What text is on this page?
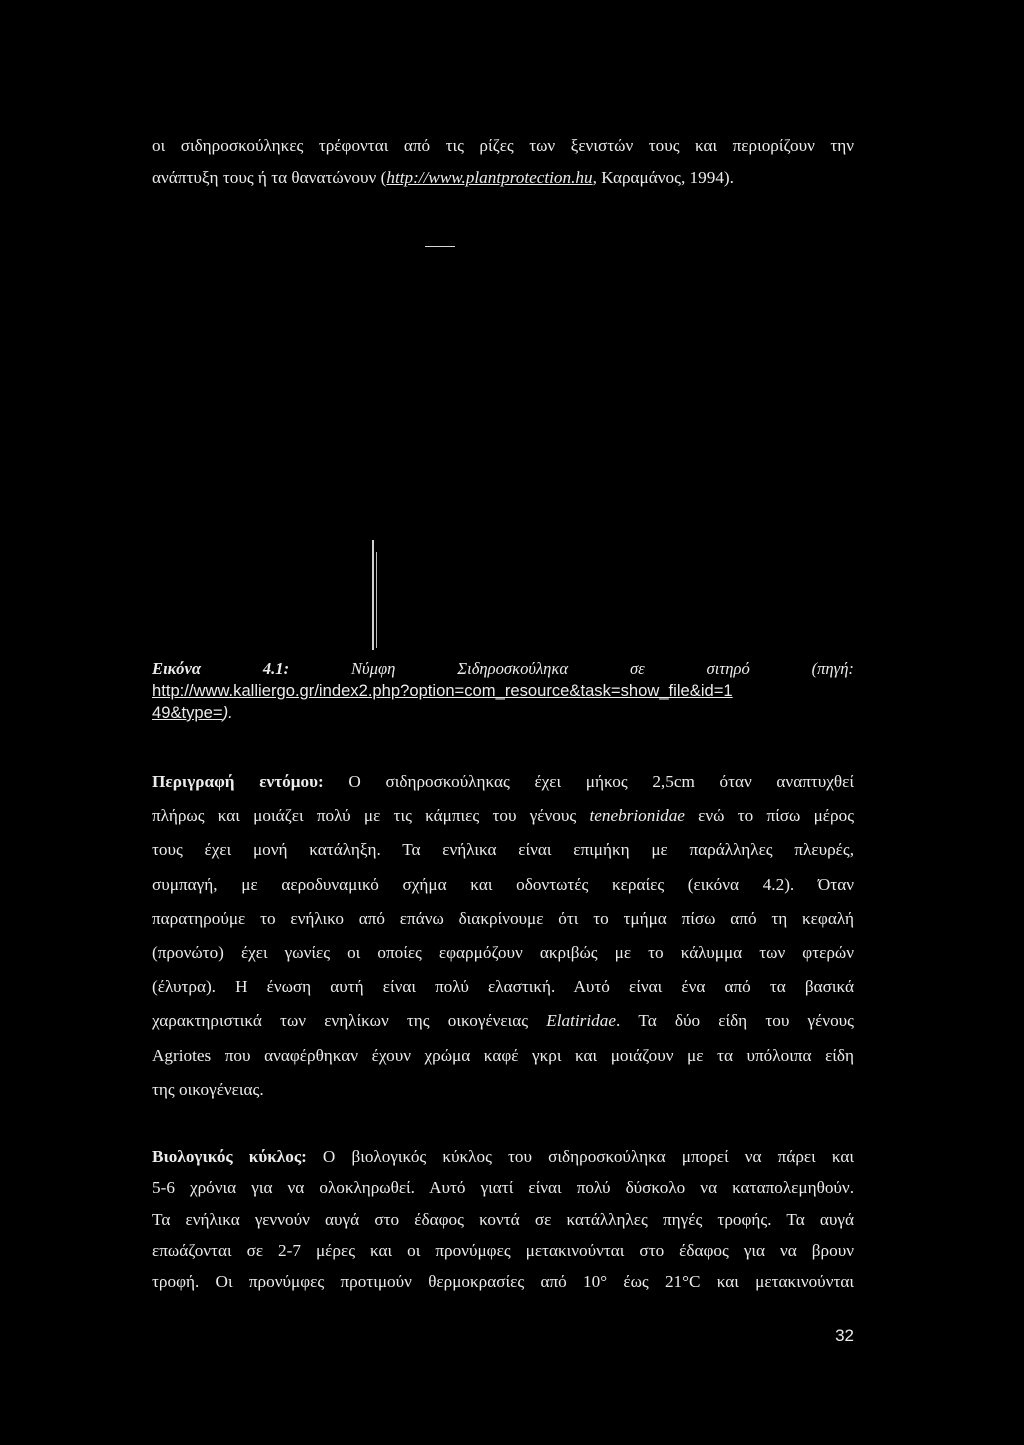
οι σιδηροσκούληκες τρέφονται από τις ρίζες των ξενιστών τους και περιορίζουν την
ανάπτυξη τους ή τα θανατώνουν (http://www.plantprotection.hu, Καραμάνος, 1994).
Εικόνα	4.1:	Νύμφη	Σιδηροσκούληκα	σε	σιτηρό	(πηγή:
http://www.kalliergo.gr/index2.php?option=com_resource&task=show_file&id=1
49&type=).
Περιγραφή εντόμου: Ο σιδηροσκούληκας έχει μήκος 2,5cm όταν αναπτυχθεί
πλήρως και μοιάζει πολύ με τις κάμπιες του γένους tenebrionidae ενώ το πίσω μέρος
τους έχει μονή κατάληξη. Τα ενήλικα είναι επιμήκη με παράλληλες πλευρές,
συμπαγή, με αεροδυναμικό σχήμα και οδοντωτές κεραίες (εικόνα 4.2). Όταν
παρατηρούμε το ενήλικο από επάνω διακρίνουμε ότι το τμήμα πίσω από τη κεφαλή
(προνώτο) έχει γωνίες οι οποίες εφαρμόζουν ακριβώς με το κάλυμμα των φτερών
(έλυτρα). Η ένωση αυτή είναι πολύ ελαστική. Αυτό είναι ένα από τα βασικά
χαρακτηριστικά των ενηλίκων της οικογένειας Elatiridae. Τα δύο είδη του γένους
Agriotes που αναφέρθηκαν έχουν χρώμα καφέ γκρι και μοιάζουν με τα υπόλοιπα είδη
της οικογένειας.
Βιολογικός κύκλος: Ο βιολογικός κύκλος του σιδηροσκούληκα μπορεί να πάρει και
5-6 χρόνια για να ολοκληρωθεί. Αυτό γιατί είναι πολύ δύσκολο να καταπολεμηθούν.
Τα ενήλικα γεννούν αυγά στο έδαφος κοντά σε κατάλληλες πηγές τροφής. Τα αυγά
επωάζονται σε 2-7 μέρες και οι προνύμφες μετακινούνται στο έδαφος για να βρουν
τροφή. Οι προνύμφες προτιμούν θερμοκρασίες από 10° έως 21°C και μετακινούνται
32
